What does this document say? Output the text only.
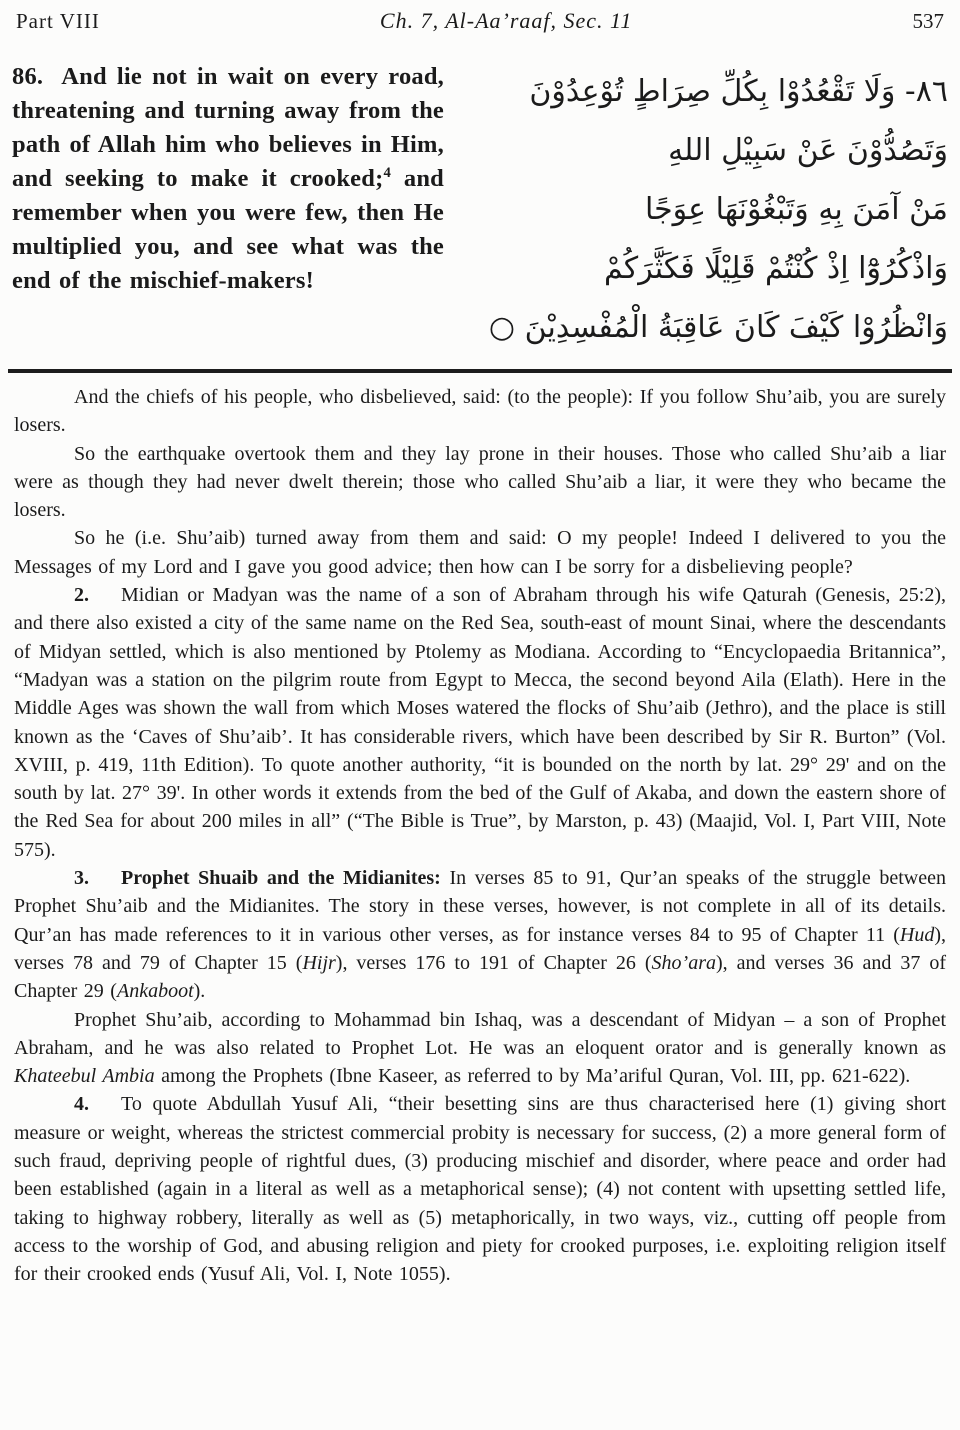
Part VIII	Ch. 7, Al-Aa’raaf, Sec. 11	537
86. And lie not in wait on every road, threatening and turning away from the path of Allah him who believes in Him, and seeking to make it crooked;$^4$ and remember when you were few, then He multiplied you, and see what was the end of the mischief-makers!
٨٦- وَلَا تَقْعُدُوْا بِكُلِّ صِرَاطٍ تُوْعِدُوْنَ
وَتَصُدُّوْنَ عَنْ سَبِيْلِ اللهِ
مَنْ آمَنَ بِهِ وَتَبْغُوْنَهَا عِوَجًا
وَاذْكُرُوْٓا اِذْ كُنْتُمْ قَلِيْلًا فَكَثَّرَكُمْ
وَانْظُرُوْا كَيْفَ كَانَ عَاقِبَةُ الْمُفْسِدِيْنَ ○

And the chiefs of his people, who disbelieved, said: (to the people): If you follow Shu’aib, you are surely losers.

So the earthquake overtook them and they lay prone in their houses. Those who called Shu’aib a liar were as though they had never dwelt therein; those who called Shu’aib a liar, it were they who became the losers.

So he (i.e. Shu’aib) turned away from them and said: O my people! Indeed I delivered to you the Messages of my Lord and I gave you good advice; then how can I be sorry for a disbelieving people?

2. Midian or Madyan was the name of a son of Abraham through his wife Qaturah (Genesis, 25:2), and there also existed a city of the same name on the Red Sea, south-east of mount Sinai, where the descendants of Midyan settled, which is also mentioned by Ptolemy as Modiana. According to “Encyclopaedia Britannica”, “Madyan was a station on the pilgrim route from Egypt to Mecca, the second beyond Aila (Elath). Here in the Middle Ages was shown the wall from which Moses watered the flocks of Shu’aib (Jethro), and the place is still known as the ‘Caves of Shu’aib’. It has considerable rivers, which have been described by Sir R. Burton” (Vol. XVIII, p. 419, 11th Edition). To quote another authority, “it is bounded on the north by lat. 29° 29' and on the south by lat. 27° 39'. In other words it extends from the bed of the Gulf of Akaba, and down the eastern shore of the Red Sea for about 200 miles in all” (“The Bible is True”, by Marston, p. 43) (Maajid, Vol. I, Part VIII, Note 575).

3. Prophet Shuaib and the Midianites: In verses 85 to 91, Qur’an speaks of the struggle between Prophet Shu’aib and the Midianites. The story in these verses, however, is not complete in all of its details. Qur’an has made references to it in various other verses, as for instance verses 84 to 95 of Chapter 11 (Hud), verses 78 and 79 of Chapter 15 (Hijr), verses 176 to 191 of Chapter 26 (Sho’ara), and verses 36 and 37 of Chapter 29 (Ankaboot).

Prophet Shu’aib, according to Mohammad bin Ishaq, was a descendant of Midyan – a son of Prophet Abraham, and he was also related to Prophet Lot. He was an eloquent orator and is generally known as Khateebul Ambia among the Prophets (Ibne Kaseer, as referred to by Ma’ariful Quran, Vol. III, pp. 621-622).

4. To quote Abdullah Yusuf Ali, “their besetting sins are thus characterised here (1) giving short measure or weight, whereas the strictest commercial probity is necessary for success, (2) a more general form of such fraud, depriving people of rightful dues, (3) producing mischief and disorder, where peace and order had been established (again in a literal as well as a metaphorical sense); (4) not content with upsetting settled life, taking to highway robbery, literally as well as (5) metaphorically, in two ways, viz., cutting off people from access to the worship of God, and abusing religion and piety for crooked purposes, i.e. exploiting religion itself for their crooked ends (Yusuf Ali, Vol. I, Note 1055).
